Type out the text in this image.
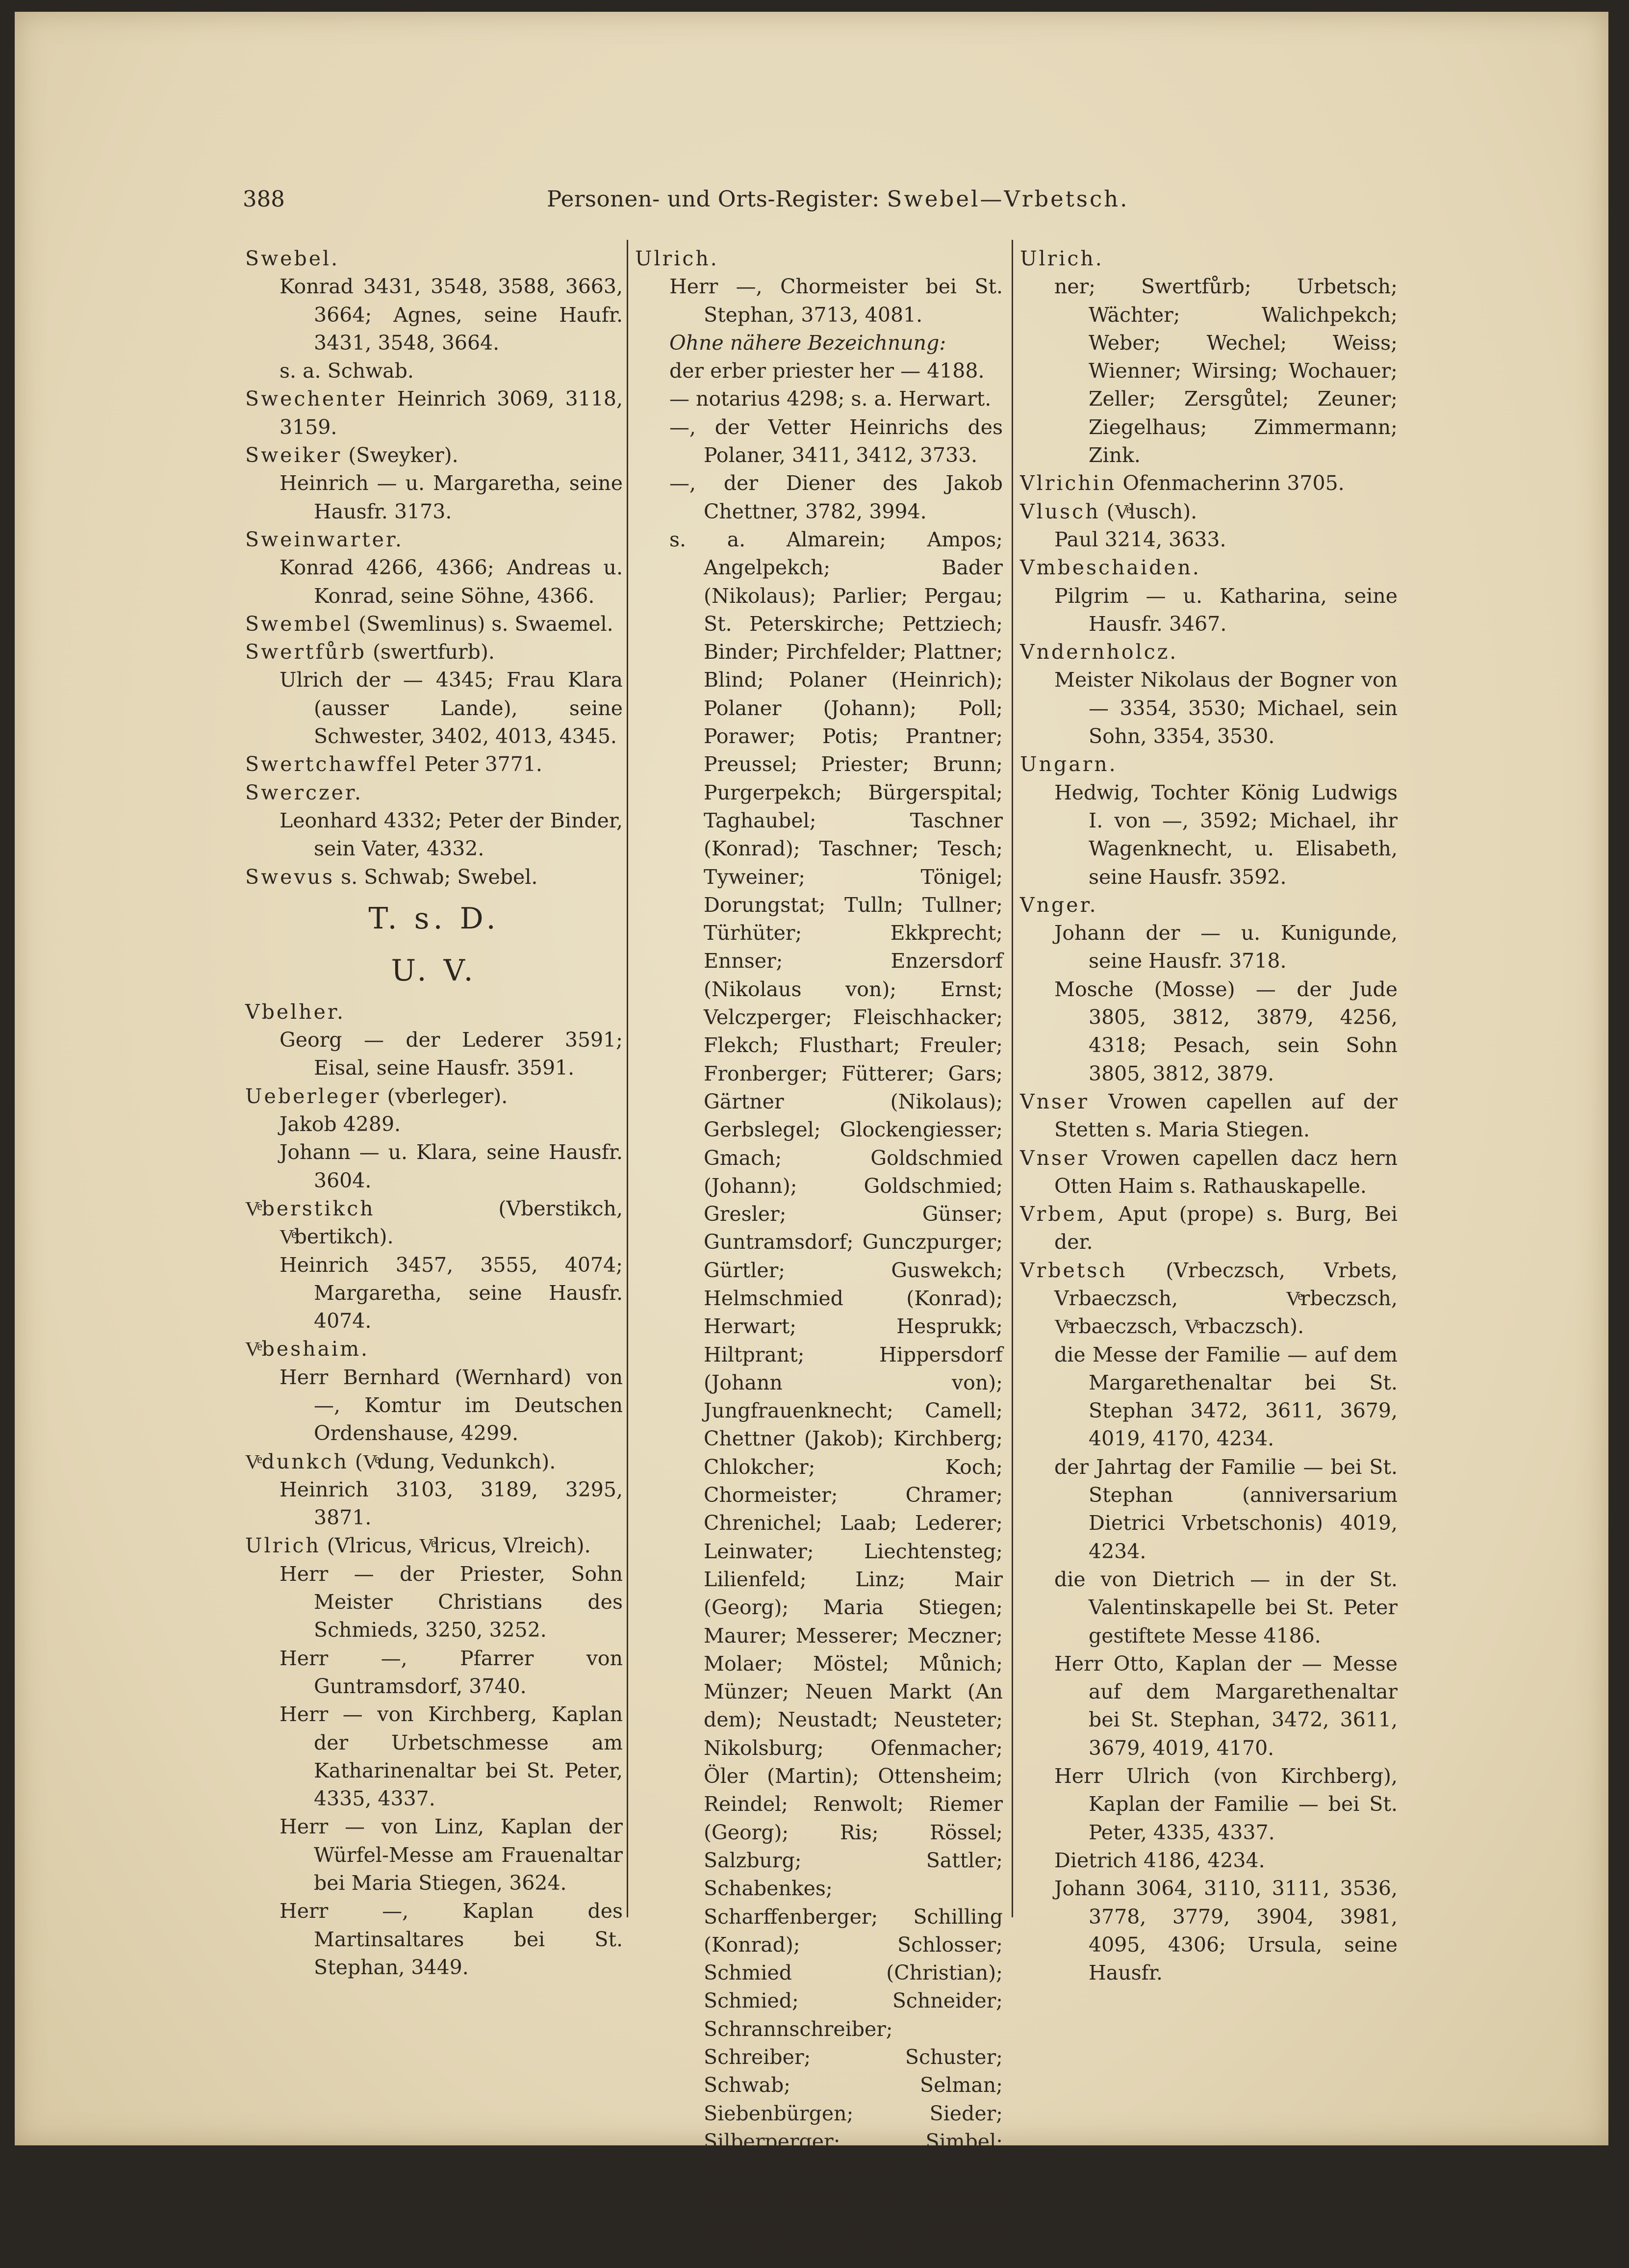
388	Personen- und Orts-Register: Swebel—Vrbetsch.

Swebel.

Konrad 3431, 3548, 3588, 3663, 3664; Agnes, seine Haufr. 3431, 3548, 3664.

s. a. Schwab.

Swechenter Heinrich 3069, 3118, 3159.

Sweiker (Sweyker).

Heinrich — u. Margaretha, seine Hausfr. 3173.

Sweinwarter.

Konrad 4266, 4366; Andreas u. Konrad, seine Söhne, 4366.

Swembel (Swemlinus) s. Swaemel.

Swertfůrb (swertfurb).

Ulrich der — 4345; Frau Klara (ausser Lande), seine Schwester, 3402, 4013, 4345.

Swertchawffel Peter 3771.

Swerczer.

Leonhard 4332; Peter der Binder, sein Vater, 4332.

Swevus s. Schwab; Swebel.

T. s. D.
U. V.

Vbelher.

Georg — der Lederer 3591; Eisal, seine Hausfr. 3591.

Ueberleger (vberleger).

Jakob 4289.

Johann — u. Klara, seine Hausfr. 3604.

Vͤberstikch (Vberstikch, Vͤbertikch).

Heinrich 3457, 3555, 4074; Margaretha, seine Hausfr. 4074.

Vͤbeshaim.

Herr Bernhard (Wernhard) von —, Komtur im Deutschen Ordenshause, 4299.

Vͤdunkch (Vͤdung, Vedunkch).

Heinrich 3103, 3189, 3295, 3871.

Ulrich (Vlricus, Vͤlricus, Vlreich).

Herr — der Priester, Sohn Meister Christians des Schmieds, 3250, 3252.

Herr —, Pfarrer von Guntramsdorf, 3740.

Herr — von Kirchberg, Kaplan der Urbetschmesse am Katharinenaltar bei St. Peter, 4335, 4337.

Herr — von Linz, Kaplan der Würfel-Messe am Frauenaltar bei Maria Stiegen, 3624.

Herr —, Kaplan des Martinsaltares bei St. Stephan, 3449.

Ulrich.

Herr —, Chormeister bei St. Stephan, 3713, 4081.

Ohne nähere Bezeichnung:

der erber priester her — 4188.

— notarius 4298; s. a. Herwart.

—, der Vetter Heinrichs des Polaner, 3411, 3412, 3733.

—, der Diener des Jakob Chettner, 3782, 3994.

s. a. Almarein; Ampos; Angelpekch; Bader (Nikolaus); Parlier; Pergau; St. Peterskirche; Pettziech; Binder; Pirchfelder; Plattner; Blind; Polaner (Heinrich); Polaner (Johann); Poll; Porawer; Potis; Prantner; Preussel; Priester; Brunn; Purgerpekch; Bürgerspital; Taghaubel; Taschner (Konrad); Taschner; Tesch; Tyweiner; Tönigel; Dorungstat; Tulln; Tullner; Türhüter; Ekkprecht; Ennser; Enzersdorf (Nikolaus von); Ernst; Velczperger; Fleischhacker; Flekch; Flusthart; Freuler; Fronberger; Fütterer; Gars; Gärtner (Nikolaus); Gerbslegel; Glockengiesser; Gmach; Goldschmied (Johann); Goldschmied; Gresler; Günser; Guntramsdorf; Gunczpurger; Gürtler; Guswekch; Helmschmied (Konrad); Herwart; Hesprukk; Hiltprant; Hippersdorf (Johann von); Jungfrauenknecht; Camell; Chettner (Jakob); Kirchberg; Chlokcher; Koch; Chormeister; Chramer; Chrenichel; Laab; Lederer; Leinwater; Liechtensteg; Lilienfeld; Linz; Mair (Georg); Maria Stiegen; Maurer; Messerer; Meczner; Molaer; Möstel; Můnich; Münzer; Neuen Markt (An dem); Neustadt; Neusteter; Nikolsburg; Ofenmacher; Öler (Martin); Ottensheim; Reindel; Renwolt; Riemer (Georg); Ris; Rössel; Salzburg; Sattler; Schabenkes; Scharffenberger; Schilling (Konrad); Schlosser; Schmied (Christian); Schmied; Schneider; Schrannschreiber; Schreiber; Schuster; Schwab; Selman; Siebenbürgen; Sieder; Silberperger; Simbel; Singer; Smerber; Spiegel; Steyr; Steirer; St. Stephan (Kaplan); St. Stephan (Chormeister); Stett-

Ulrich.

ner; Swertfůrb; Urbetsch; Wächter; Walichpekch; Weber; Wechel; Weiss; Wienner; Wirsing; Wochauer; Zeller; Zersgůtel; Zeuner; Ziegelhaus; Zimmermann; Zink.

Vlrichin Ofenmacherinn 3705.

Vlusch (Vͤlusch).

Paul 3214, 3633.

Vmbeschaiden.

Pilgrim — u. Katharina, seine Hausfr. 3467.

Vndernholcz.

Meister Nikolaus der Bogner von — 3354, 3530; Michael, sein Sohn, 3354, 3530.

Ungarn.

Hedwig, Tochter König Ludwigs I. von —, 3592; Michael, ihr Wagenknecht, u. Elisabeth, seine Hausfr. 3592.

Vnger.

Johann der — u. Kunigunde, seine Hausfr. 3718.

Mosche (Mosse) — der Jude 3805, 3812, 3879, 4256, 4318; Pesach, sein Sohn 3805, 3812, 3879.

Vnser Vrowen capellen auf der Stetten s. Maria Stiegen.

Vnser Vrowen capellen dacz hern Otten Haim s. Rathauskapelle.

Vrbem, Aput (prope) s. Burg, Bei der.

Vrbetsch (Vrbeczsch, Vrbets, Vrbaeczsch, Vͤrbeczsch, Vͤrbaeczsch, Vͤrbaczsch).

die Messe der Familie — auf dem Margarethenaltar bei St. Stephan 3472, 3611, 3679, 4019, 4170, 4234.

der Jahrtag der Familie — bei St. Stephan (anniversarium Dietrici Vrbetschonis) 4019, 4234.

die von Dietrich — in der St. Valentinskapelle bei St. Peter gestiftete Messe 4186.

Herr Otto, Kaplan der — Messe auf dem Margarethenaltar bei St. Stephan, 3472, 3611, 3679, 4019, 4170.

Herr Ulrich (von Kirchberg), Kaplan der Familie — bei St. Peter, 4335, 4337.

Dietrich 4186, 4234.

Johann 3064, 3110, 3111, 3536, 3778, 3779, 3904, 3981, 4095, 4306; Ursula, seine Hausfr.
